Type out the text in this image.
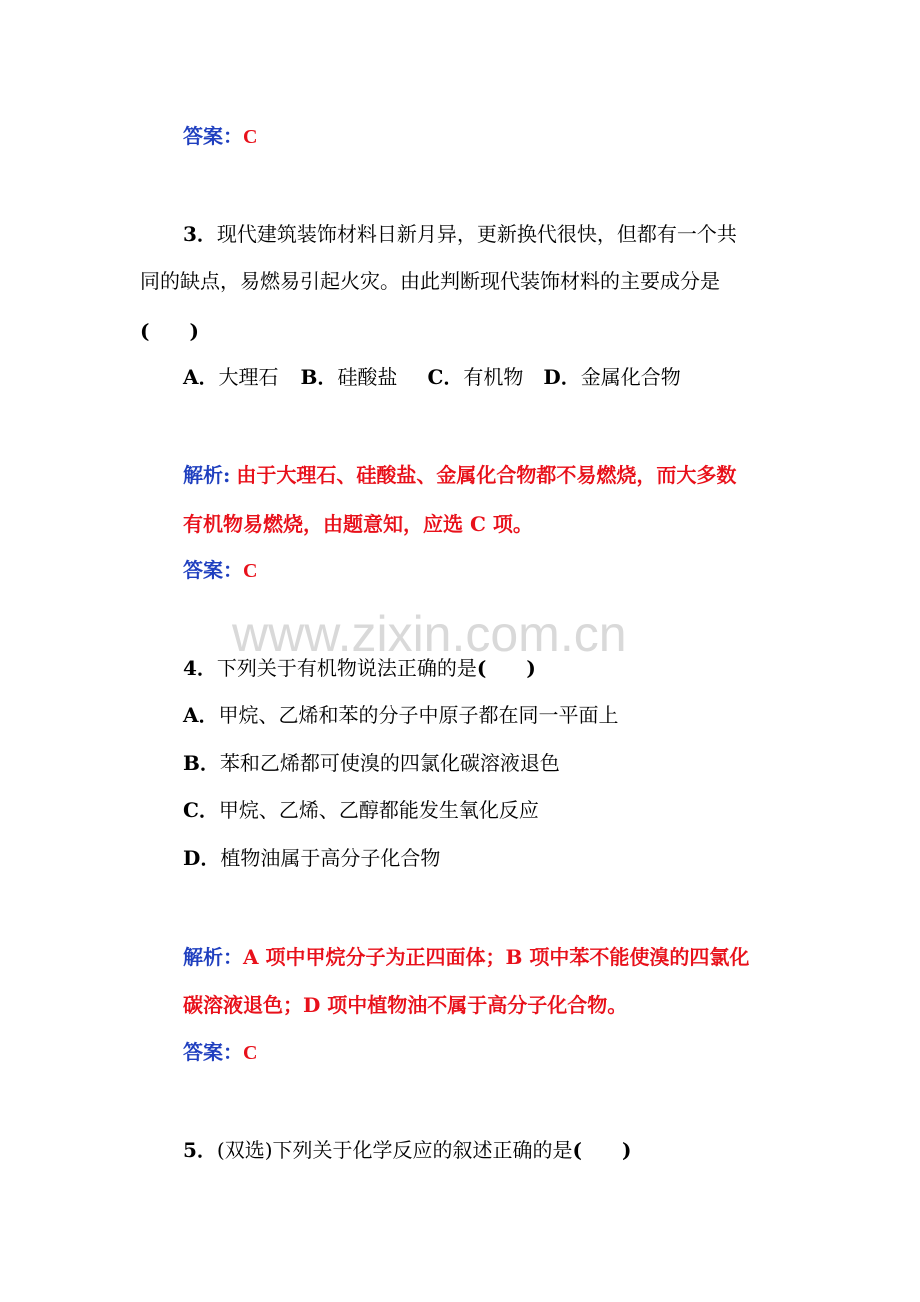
www.zixin.com.cn
答案：C
3．现代建筑装饰材料日新月异，更新换代很快，但都有一个共
同的缺点，易燃易引起火灾。由此判断现代装饰材料的主要成分是
(　　)
A．大理石 B．硅酸盐 C．有机物 D．金属化合物
解析: 由于大理石、硅酸盐、金属化合物都不易燃烧，而大多数
有机物易燃烧，由题意知，应选 C 项。
答案：C
4．下列关于有机物说法正确的是(　　)
A．甲烷、乙烯和苯的分子中原子都在同一平面上
B．苯和乙烯都可使溴的四氯化碳溶液退色
C．甲烷、乙烯、乙醇都能发生氧化反应
D．植物油属于高分子化合物
解析：A 项中甲烷分子为正四面体；B 项中苯不能使溴的四氯化
碳溶液退色；D 项中植物油不属于高分子化合物。
答案：C
5．(双选)下列关于化学反应的叙述正确的是(　　)
